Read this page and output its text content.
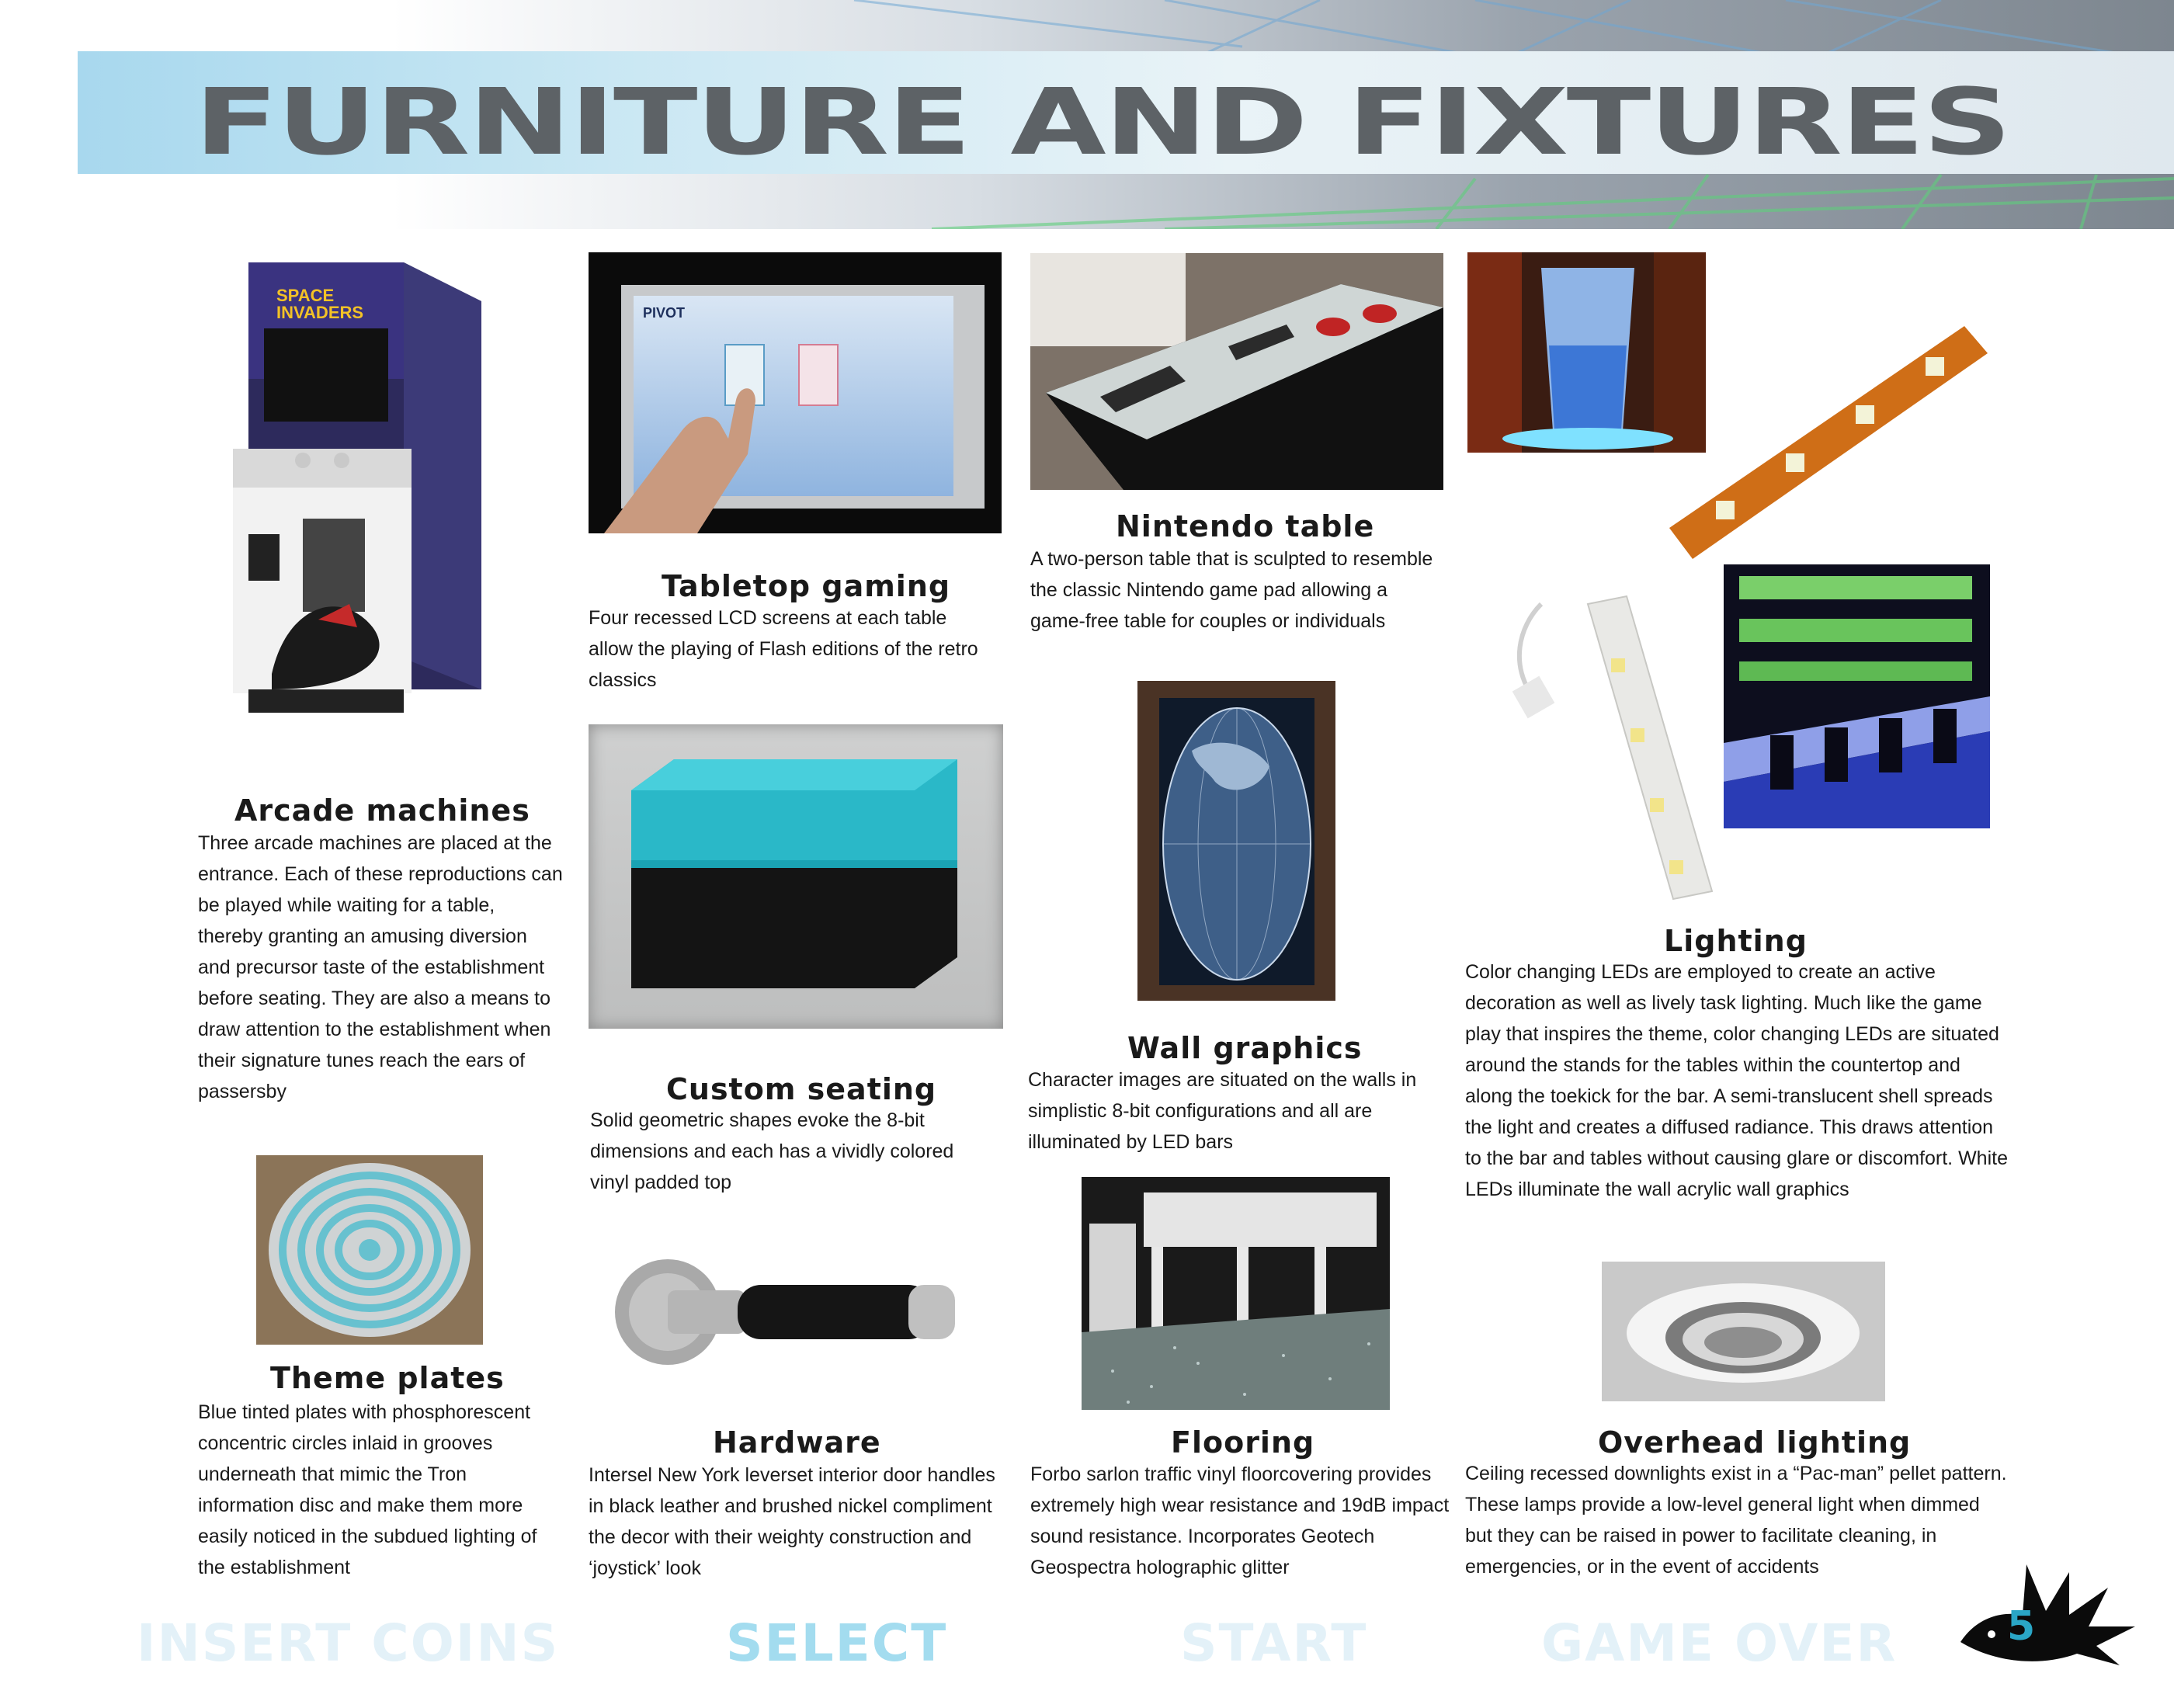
FURNITURE AND FIXTURES
SPACE INVADERS
Arcade machines
Three arcade machines are placed at the entrance. Each of these reproductions can be played while waiting for a table, thereby granting an amusing diversion and precursor taste of the establishment before seating. They are also a means to draw attention to the establishment when their signature tunes reach the ears of passersby
Theme plates
Blue tinted plates with phosphorescent concentric circles inlaid in grooves underneath that mimic the Tron information disc and make them more easily noticed in the subdued lighting of the establishment
PIVOT
Tabletop gaming
Four recessed LCD screens at each table allow the playing of Flash editions of the retro classics
Custom seating
Solid geometric shapes evoke the 8-bit dimensions and each has a vividly colored vinyl padded top
Hardware
Intersel New York leverset interior door handles in black leather and brushed nickel compliment the decor with their weighty construction and ‘joystick’ look
Nintendo table
A two-person table that is sculpted to resemble the classic Nintendo game pad allowing a game-free table for couples or individuals
Wall graphics
Character images are situated on the walls in simplistic 8-bit configurations and all are illuminated by LED bars
Flooring
Forbo sarlon traffic vinyl floorcovering provides extremely high wear resistance and 19dB impact sound resistance. Incorporates Geotech Geospectra holographic glitter
Lighting
Color changing LEDs are employed to create an active decoration as well as lively task lighting. Much like the game play that inspires the theme, color changing LEDs are situated around the stands for the tables within the countertop and along the toekick for the bar. A semi-translucent shell spreads the light and creates a diffused radiance. This draws attention to the bar and tables without causing glare or discomfort. White LEDs illuminate the wall acrylic wall graphics
Overhead lighting
Ceiling recessed downlights exist in a “Pac-man” pellet pattern. These lamps provide a low-level general light when dimmed but they can be raised in power to facilitate cleaning, in emergencies, or in the event of accidents
INSERT COINS	SELECT	START	GAME OVER	5
